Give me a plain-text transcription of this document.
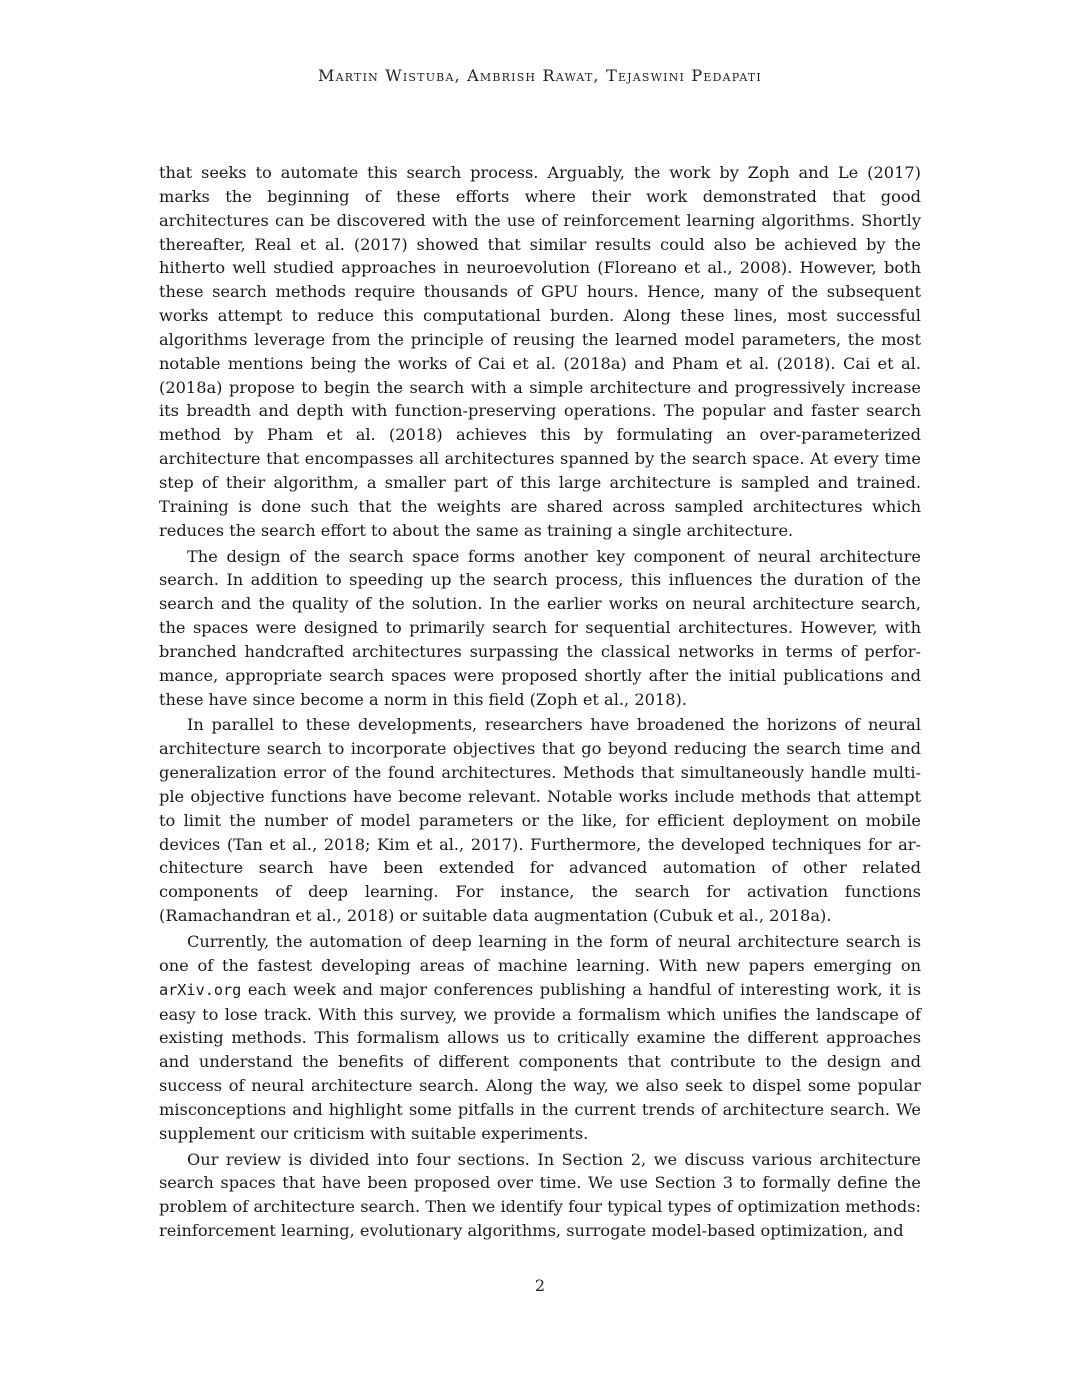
Martin Wistuba, Ambrish Rawat, Tejaswini Pedapati

that seeks to automate this search process. Arguably, the work by Zoph and Le (2017) marks the beginning of these efforts where their work demonstrated that good architectures can be discovered with the use of reinforcement learning algorithms. Shortly thereafter, Real et al. (2017) showed that similar results could also be achieved by the hitherto well studied approaches in neuroevolution (Floreano et al., 2008). However, both these search methods require thousands of GPU hours. Hence, many of the subsequent works attempt to reduce this computational burden. Along these lines, most successful algorithms leverage from the principle of reusing the learned model parameters, the most notable mentions being the works of Cai et al. (2018a) and Pham et al. (2018). Cai et al. (2018a) propose to begin the search with a simple architecture and progressively increase its breadth and depth with function-preserving operations. The popular and faster search method by Pham et al. (2018) achieves this by formulating an over-parameterized architecture that encompasses all architectures spanned by the search space. At every time step of their algorithm, a smaller part of this large architecture is sampled and trained. Training is done such that the weights are shared across sampled architectures which reduces the search effort to about the same as training a single architecture.

The design of the search space forms another key component of neural architecture search. In addition to speeding up the search process, this influences the duration of the search and the quality of the solution. In the earlier works on neural architecture search, the spaces were designed to primarily search for sequential architectures. However, with branched handcrafted architectures surpassing the classical networks in terms of perfor-mance, appropriate search spaces were proposed shortly after the initial publications and these have since become a norm in this field (Zoph et al., 2018).

In parallel to these developments, researchers have broadened the horizons of neural architecture search to incorporate objectives that go beyond reducing the search time and generalization error of the found architectures. Methods that simultaneously handle multi-ple objective functions have become relevant. Notable works include methods that attempt to limit the number of model parameters or the like, for efficient deployment on mobile devices (Tan et al., 2018; Kim et al., 2017). Furthermore, the developed techniques for ar-chitecture search have been extended for advanced automation of other related components of deep learning. For instance, the search for activation functions (Ramachandran et al., 2018) or suitable data augmentation (Cubuk et al., 2018a).

Currently, the automation of deep learning in the form of neural architecture search is one of the fastest developing areas of machine learning. With new papers emerging on arXiv.org each week and major conferences publishing a handful of interesting work, it is easy to lose track. With this survey, we provide a formalism which unifies the landscape of existing methods. This formalism allows us to critically examine the different approaches and understand the benefits of different components that contribute to the design and success of neural architecture search. Along the way, we also seek to dispel some popular misconceptions and highlight some pitfalls in the current trends of architecture search. We supplement our criticism with suitable experiments.

Our review is divided into four sections. In Section 2, we discuss various architecture search spaces that have been proposed over time. We use Section 3 to formally define the problem of architecture search. Then we identify four typical types of optimization methods: reinforcement learning, evolutionary algorithms, surrogate model-based optimization, and

2
